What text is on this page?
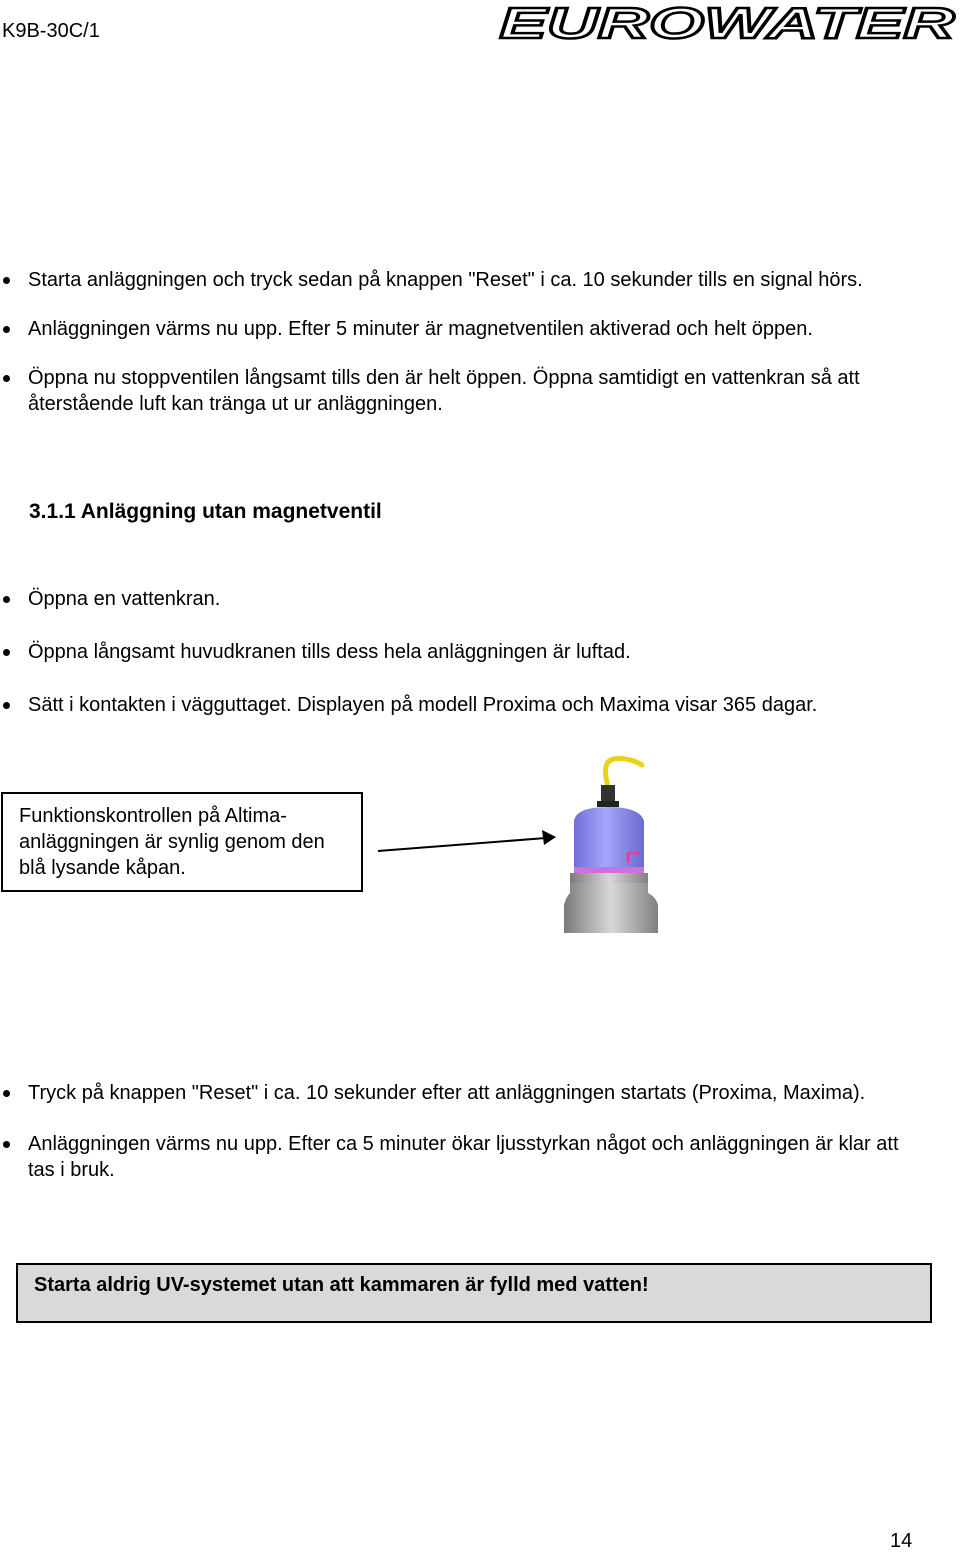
K9B-30C/1	EUROWATER
Starta anläggningen och tryck sedan på knappen "Reset" i ca. 10 sekunder tills en signal hörs.
Anläggningen värms nu upp. Efter 5 minuter är magnetventilen aktiverad och helt öppen.
Öppna nu stoppventilen långsamt tills den är helt öppen. Öppna samtidigt en vattenkran så att återstående luft kan tränga ut ur anläggningen.
3.1.1 Anläggning utan magnetventil
Öppna en vattenkran.
Öppna långsamt huvudkranen tills dess hela anläggningen är luftad.
Sätt i kontakten i vägguttaget. Displayen på modell Proxima och Maxima visar 365 dagar.
Funktionskontrollen på Altima-anläggningen är synlig genom den blå lysande kåpan.
Tryck på knappen "Reset" i ca. 10 sekunder efter att anläggningen startats (Proxima, Maxima).
Anläggningen värms nu upp. Efter ca 5 minuter ökar ljusstyrkan något och anläggningen är klar att tas i bruk.
Starta aldrig UV-systemet utan att kammaren är fylld med vatten!
14
